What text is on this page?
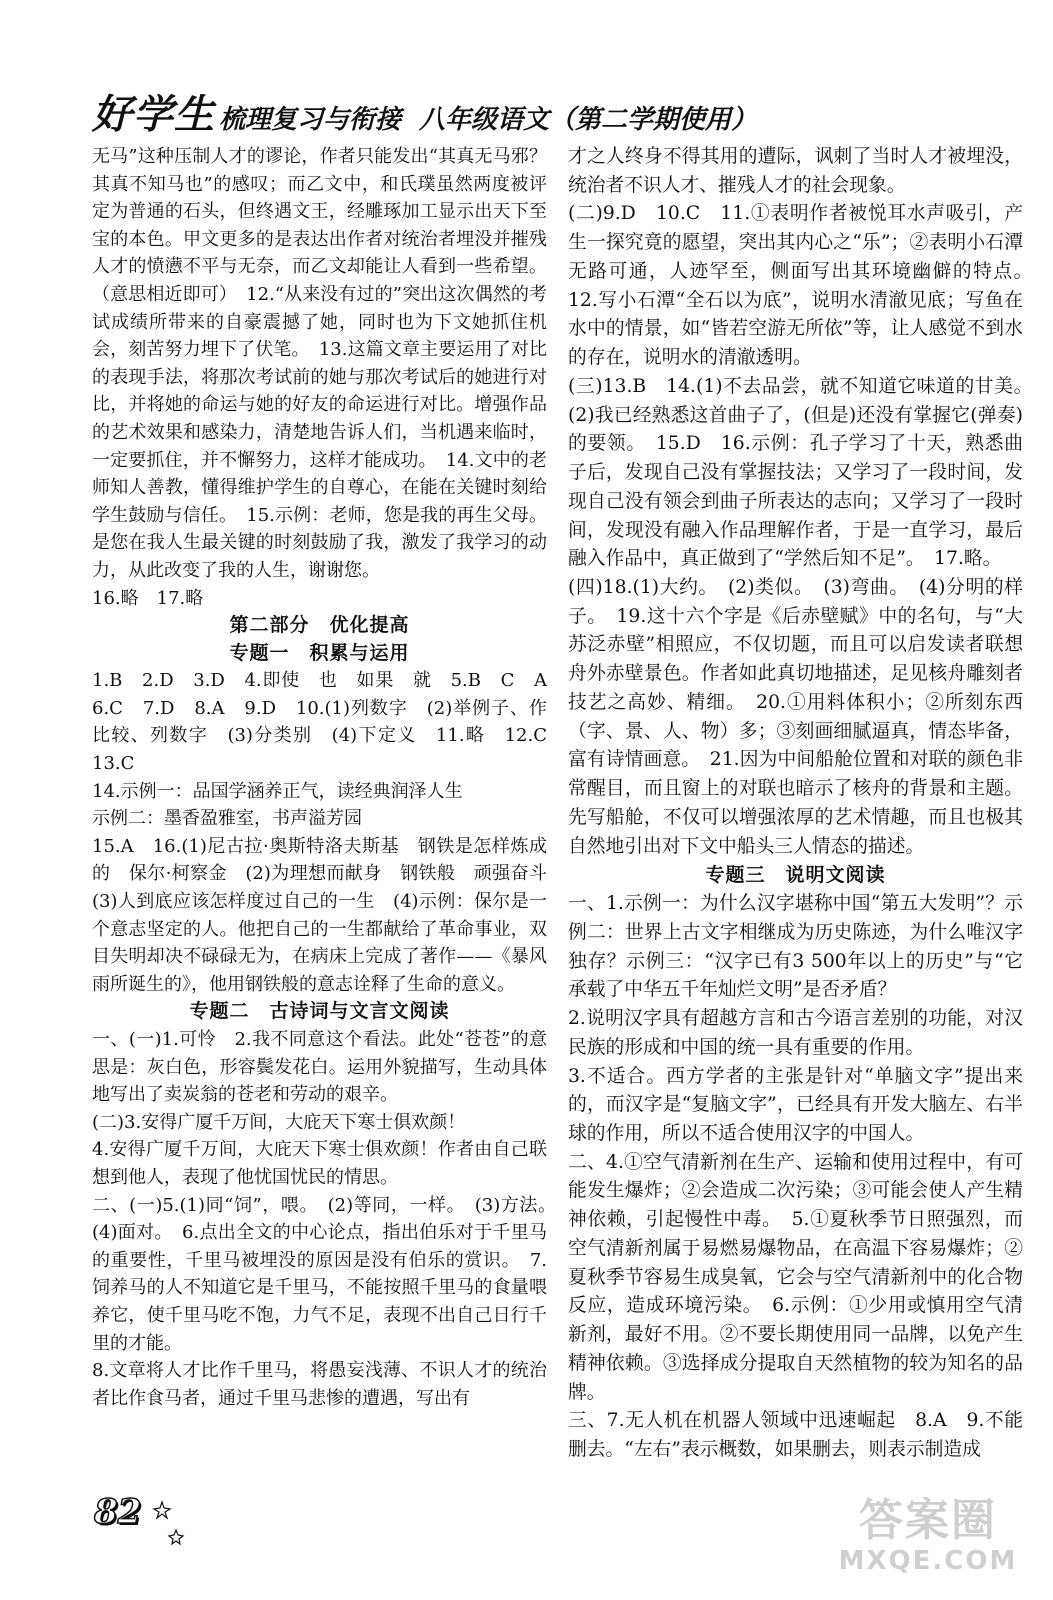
好学生 梳理复习与衔接 八年级语文（第二学期使用）

无马”这种压制人才的谬论，作者只能发出“其真无马邪？其真不知马也”的感叹；而乙文中，和氏璞虽然两度被评定为普通的石头，但终遇文王，经雕琢加工显示出天下至宝的本色。甲文更多的是表达出作者对统治者埋没并摧残人才的愤懑不平与无奈，而乙文却能让人看到一些希望。（意思相近即可）　12.“从来没有过的”突出这次偶然的考试成绩所带来的自豪震撼了她，同时也为下文她抓住机会，刻苦努力埋下了伏笔。　13.这篇文章主要运用了对比的表现手法，将那次考试前的她与那次考试后的她进行对比，并将她的命运与她的好友的命运进行对比。增强作品的艺术效果和感染力，清楚地告诉人们，当机遇来临时，一定要抓住，并不懈努力，这样才能成功。　14.文中的老师知人善教，懂得维护学生的自尊心，在能在关键时刻给学生鼓励与信任。　15.示例：老师，您是我的再生父母。是您在我人生最关键的时刻鼓励了我，激发了我学习的动力，从此改变了我的人生，谢谢您。

16.略　17.略

第二部分　优化提高

专题一　积累与运用

1.B　2.D　3.D　4.即使　也　如果　就　5.B　C　A　6.C　7.D　8.A　9.D　10.(1)列数字　(2)举例子、作比较、列数字　(3)分类别　(4)下定义　11.略　12.C　13.C

14.示例一：品国学涵养正气，读经典润泽人生

示例二：墨香盈雅室，书声溢芳园

15.A　16.(1)尼古拉·奥斯特洛夫斯基　钢铁是怎样炼成的　保尔·柯察金　(2)为理想而献身　钢铁般　顽强奋斗　(3)人到底应该怎样度过自己的一生　(4)示例：保尔是一个意志坚定的人。他把自己的一生都献给了革命事业，双目失明却决不碌碌无为，在病床上完成了著作——《暴风雨所诞生的》，他用钢铁般的意志诠释了生命的意义。

专题二　古诗词与文言文阅读

一、(一)1.可怜　2.我不同意这个看法。此处“苍苍”的意思是：灰白色，形容鬓发花白。运用外貌描写，生动具体地写出了卖炭翁的苍老和劳动的艰辛。

(二)3.安得广厦千万间，大庇天下寒士俱欢颜！

4.安得广厦千万间，大庇天下寒士俱欢颜！作者由自己联想到他人，表现了他忧国忧民的情思。

二、(一)5.(1)同“饲”，喂。　(2)等同，一样。　(3)方法。　(4)面对。　6.点出全文的中心论点，指出伯乐对于千里马的重要性，千里马被埋没的原因是没有伯乐的赏识。　7.饲养马的人不知道它是千里马，不能按照千里马的食量喂养它，使千里马吃不饱，力气不足，表现不出自己日行千里的才能。

8.文章将人才比作千里马，将愚妄浅薄、不识人才的统治者比作食马者，通过千里马悲惨的遭遇，写出有

才之人终身不得其用的遭际，讽刺了当时人才被埋没，统治者不识人才、摧残人才的社会现象。

(二)9.D　10.C　11.①表明作者被悦耳水声吸引，产生一探究竟的愿望，突出其内心之“乐”；②表明小石潭无路可通，人迹罕至，侧面写出其环境幽僻的特点。　12.写小石潭“全石以为底”，说明水清澈见底；写鱼在水中的情景，如“皆若空游无所依”等，让人感觉不到水的存在，说明水的清澈透明。

(三)13.B　14.(1)不去品尝，就不知道它味道的甘美。　(2)我已经熟悉这首曲子了，(但是)还没有掌握它(弹奏)的要领。　15.D　16.示例：孔子学习了十天，熟悉曲子后，发现自己没有掌握技法；又学习了一段时间，发现自己没有领会到曲子所表达的志向；又学习了一段时间，发现没有融入作品理解作者，于是一直学习，最后融入作品中，真正做到了“学然后知不足”。　17.略。

(四)18.(1)大约。　(2)类似。　(3)弯曲。　(4)分明的样子。　19.这十六个字是《后赤壁赋》中的名句，与“大苏泛赤壁”相照应，不仅切题，而且可以启发读者联想舟外赤壁景色。作者如此真切地描述，足见核舟雕刻者技艺之高妙、精细。　20.①用料体积小；②所刻东西（字、景、人、物）多；③刻画细腻逼真，情态毕备，富有诗情画意。　21.因为中间船舱位置和对联的颜色非常醒目，而且窗上的对联也暗示了核舟的背景和主题。先写船舱，不仅可以增强浓厚的艺术情趣，而且也极其自然地引出对下文中船头三人情态的描述。

专题三　说明文阅读

一、1.示例一：为什么汉字堪称中国“第五大发明”？示例二：世界上古文字相继成为历史陈迹，为什么唯汉字独存？示例三：“汉字已有3 500年以上的历史”与“它承载了中华五千年灿烂文明”是否矛盾？

2.说明汉字具有超越方言和古今语言差别的功能，对汉民族的形成和中国的统一具有重要的作用。

3.不适合。西方学者的主张是针对“单脑文字”提出来的，而汉字是“复脑文字”，已经具有开发大脑左、右半球的作用，所以不适合使用汉字的中国人。

二、4.①空气清新剂在生产、运输和使用过程中，有可能发生爆炸；②会造成二次污染；③可能会使人产生精神依赖，引起慢性中毒。　5.①夏秋季节日照强烈，而空气清新剂属于易燃易爆物品，在高温下容易爆炸；②夏秋季节容易生成臭氧，它会与空气清新剂中的化合物反应，造成环境污染。　6.示例：①少用或慎用空气清新剂，最好不用。②不要长期使用同一品牌，以免产生精神依赖。③选择成分提取自天然植物的较为知名的品牌。

三、7.无人机在机器人领域中迅速崛起　8.A　9.不能删去。“左右”表示概数，如果删去，则表示制造成

82	答案圈
MXQE.COM
